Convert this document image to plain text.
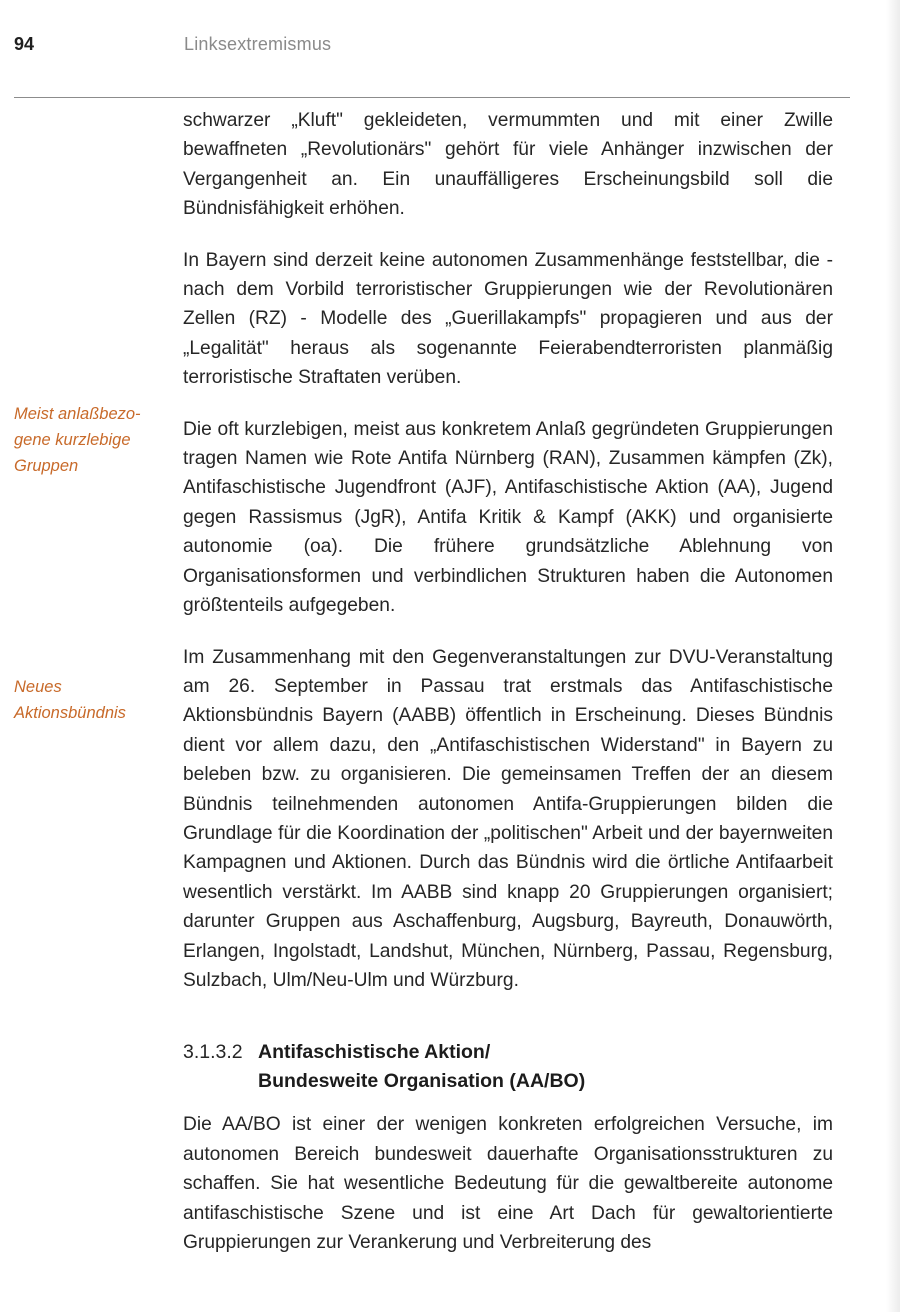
94	Linksextremismus
Meist anlaßbezo-
gene kurzlebige
Gruppen
Neues
Aktionsbündnis

schwarzer „Kluft" gekleideten, vermummten und mit einer Zwille bewaffneten „Revolutionärs" gehört für viele Anhänger inzwischen der Vergangenheit an. Ein unauffälligeres Erscheinungsbild soll die Bündnisfähigkeit erhöhen.

In Bayern sind derzeit keine autonomen Zusammenhänge feststellbar, die - nach dem Vorbild terroristischer Gruppierungen wie der Revolutionären Zellen (RZ) - Modelle des „Guerillakampfs" propagieren und aus der „Legalität" heraus als sogenannte Feierabendterroristen planmäßig terroristische Straftaten verüben.

Die oft kurzlebigen, meist aus konkretem Anlaß gegründeten Gruppierungen tragen Namen wie Rote Antifa Nürnberg (RAN), Zusammen kämpfen (Zk), Antifaschistische Jugendfront (AJF), Antifaschistische Aktion (AA), Jugend gegen Rassismus (JgR), Antifa Kritik & Kampf (AKK) und organisierte autonomie (oa). Die frühere grundsätzliche Ablehnung von Organisationsformen und verbindlichen Strukturen haben die Autonomen größtenteils aufgegeben.

Im Zusammenhang mit den Gegenveranstaltungen zur DVU-Veranstaltung am 26. September in Passau trat erstmals das Antifaschistische Aktionsbündnis Bayern (AABB) öffentlich in Erscheinung. Dieses Bündnis dient vor allem dazu, den „Antifaschistischen Widerstand" in Bayern zu beleben bzw. zu organisieren. Die gemeinsamen Treffen der an diesem Bündnis teilnehmenden autonomen Antifa-Gruppierungen bilden die Grundlage für die Koordination der „politischen" Arbeit und der bayernweiten Kampagnen und Aktionen. Durch das Bündnis wird die örtliche Antifaarbeit wesentlich verstärkt. Im AABB sind knapp 20 Gruppierungen organisiert; darunter Gruppen aus Aschaffenburg, Augsburg, Bayreuth, Donauwörth, Erlangen, Ingolstadt, Landshut, München, Nürnberg, Passau, Regensburg, Sulzbach, Ulm/Neu-Ulm und Würzburg.

3.1.3.2 Antifaschistische Aktion/
Bundesweite Organisation (AA/BO)

Die AA/BO ist einer der wenigen konkreten erfolgreichen Versuche, im autonomen Bereich bundesweit dauerhafte Organisationsstrukturen zu schaffen. Sie hat wesentliche Bedeutung für die gewaltbereite autonome antifaschistische Szene und ist eine Art Dach für gewaltorientierte Gruppierungen zur Verankerung und Verbreiterung des
